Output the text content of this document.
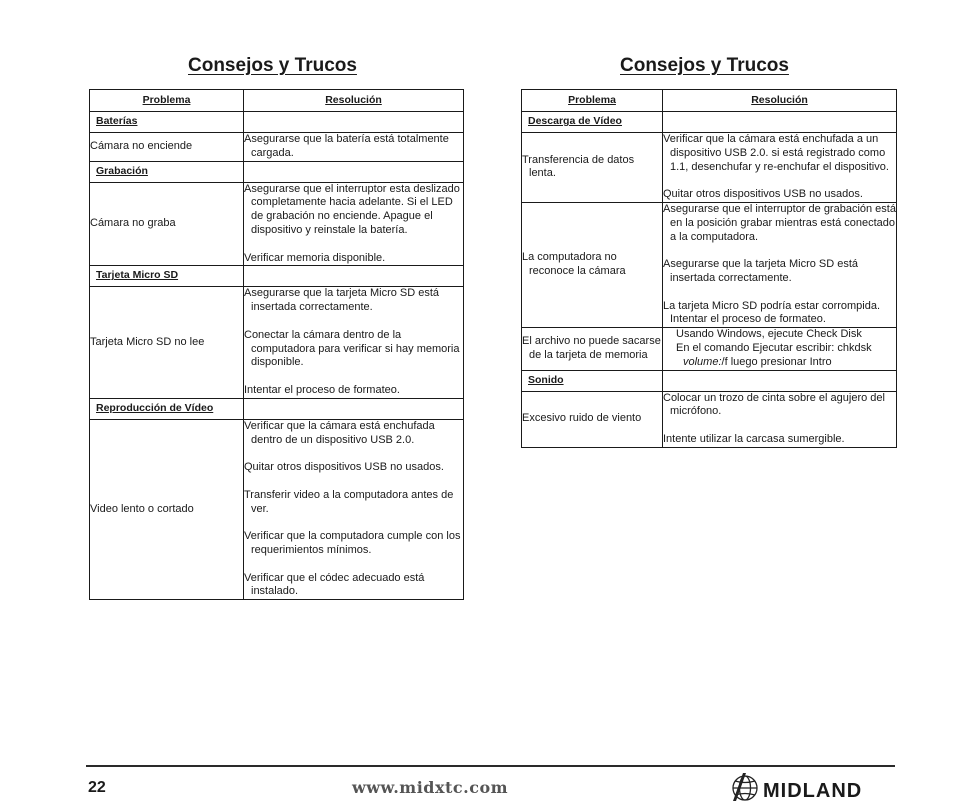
Consejos y Trucos
Problema	Resolución
Baterías	
Cámara no enciende	Asegurarse que la batería está totalmente cargada.

Grabación	
Cámara no graba	Asegurarse que el interruptor esta deslizado completamente hacia adelante. Si el LED de grabación no enciende. Apague el dispositivo y reinstale la batería.
Verificar memoria disponible.

Tarjeta Micro SD	
Tarjeta Micro SD no lee	Asegurarse que la tarjeta Micro SD está insertada correctamente.
Conectar la cámara dentro de la computadora para verificar si hay memoria disponible.
Intentar el proceso de formateo.

Reproducción de Vídeo	
Video lento o cortado	Verificar que la cámara está enchufada dentro de un dispositivo USB 2.0.
Quitar otros dispositivos USB no usados.
Transferir video a la computadora antes de ver.
Verificar que la computadora cumple con los requerimientos mínimos.
Verificar que el códec adecuado está instalado.
Consejos y Trucos
Problema	Resolución
Descarga de Vídeo	

Transferencia de datos lenta.	Verificar que la cámara está enchufada a un dispositivo USB 2.0. si está registrado como 1.1, desenchufar y re-enchufar el dispositivo.
Quitar otros dispositivos USB no usados.

La computadora no reconoce la cámara	Asegurarse que el interruptor de grabación está en la posición grabar mientras está conectado a la computadora.
Asegurarse que la tarjeta Micro SD está insertada correctamente.
La tarjeta Micro SD podría estar corrompida. Intentar el proceso de formateo.

El archivo no puede sacarse de la tarjeta de memoria	Usando Windows, ejecute Check Disk
En el comando Ejecutar escribir: chkdsk
volume:/f luego presionar Intro

Sonido	

Excesivo ruido de viento	Colocar un trozo de cinta sobre el agujero del micrófono.
Intente utilizar la carcasa sumergible.
22	www.midxtc.com	MIDLAND
